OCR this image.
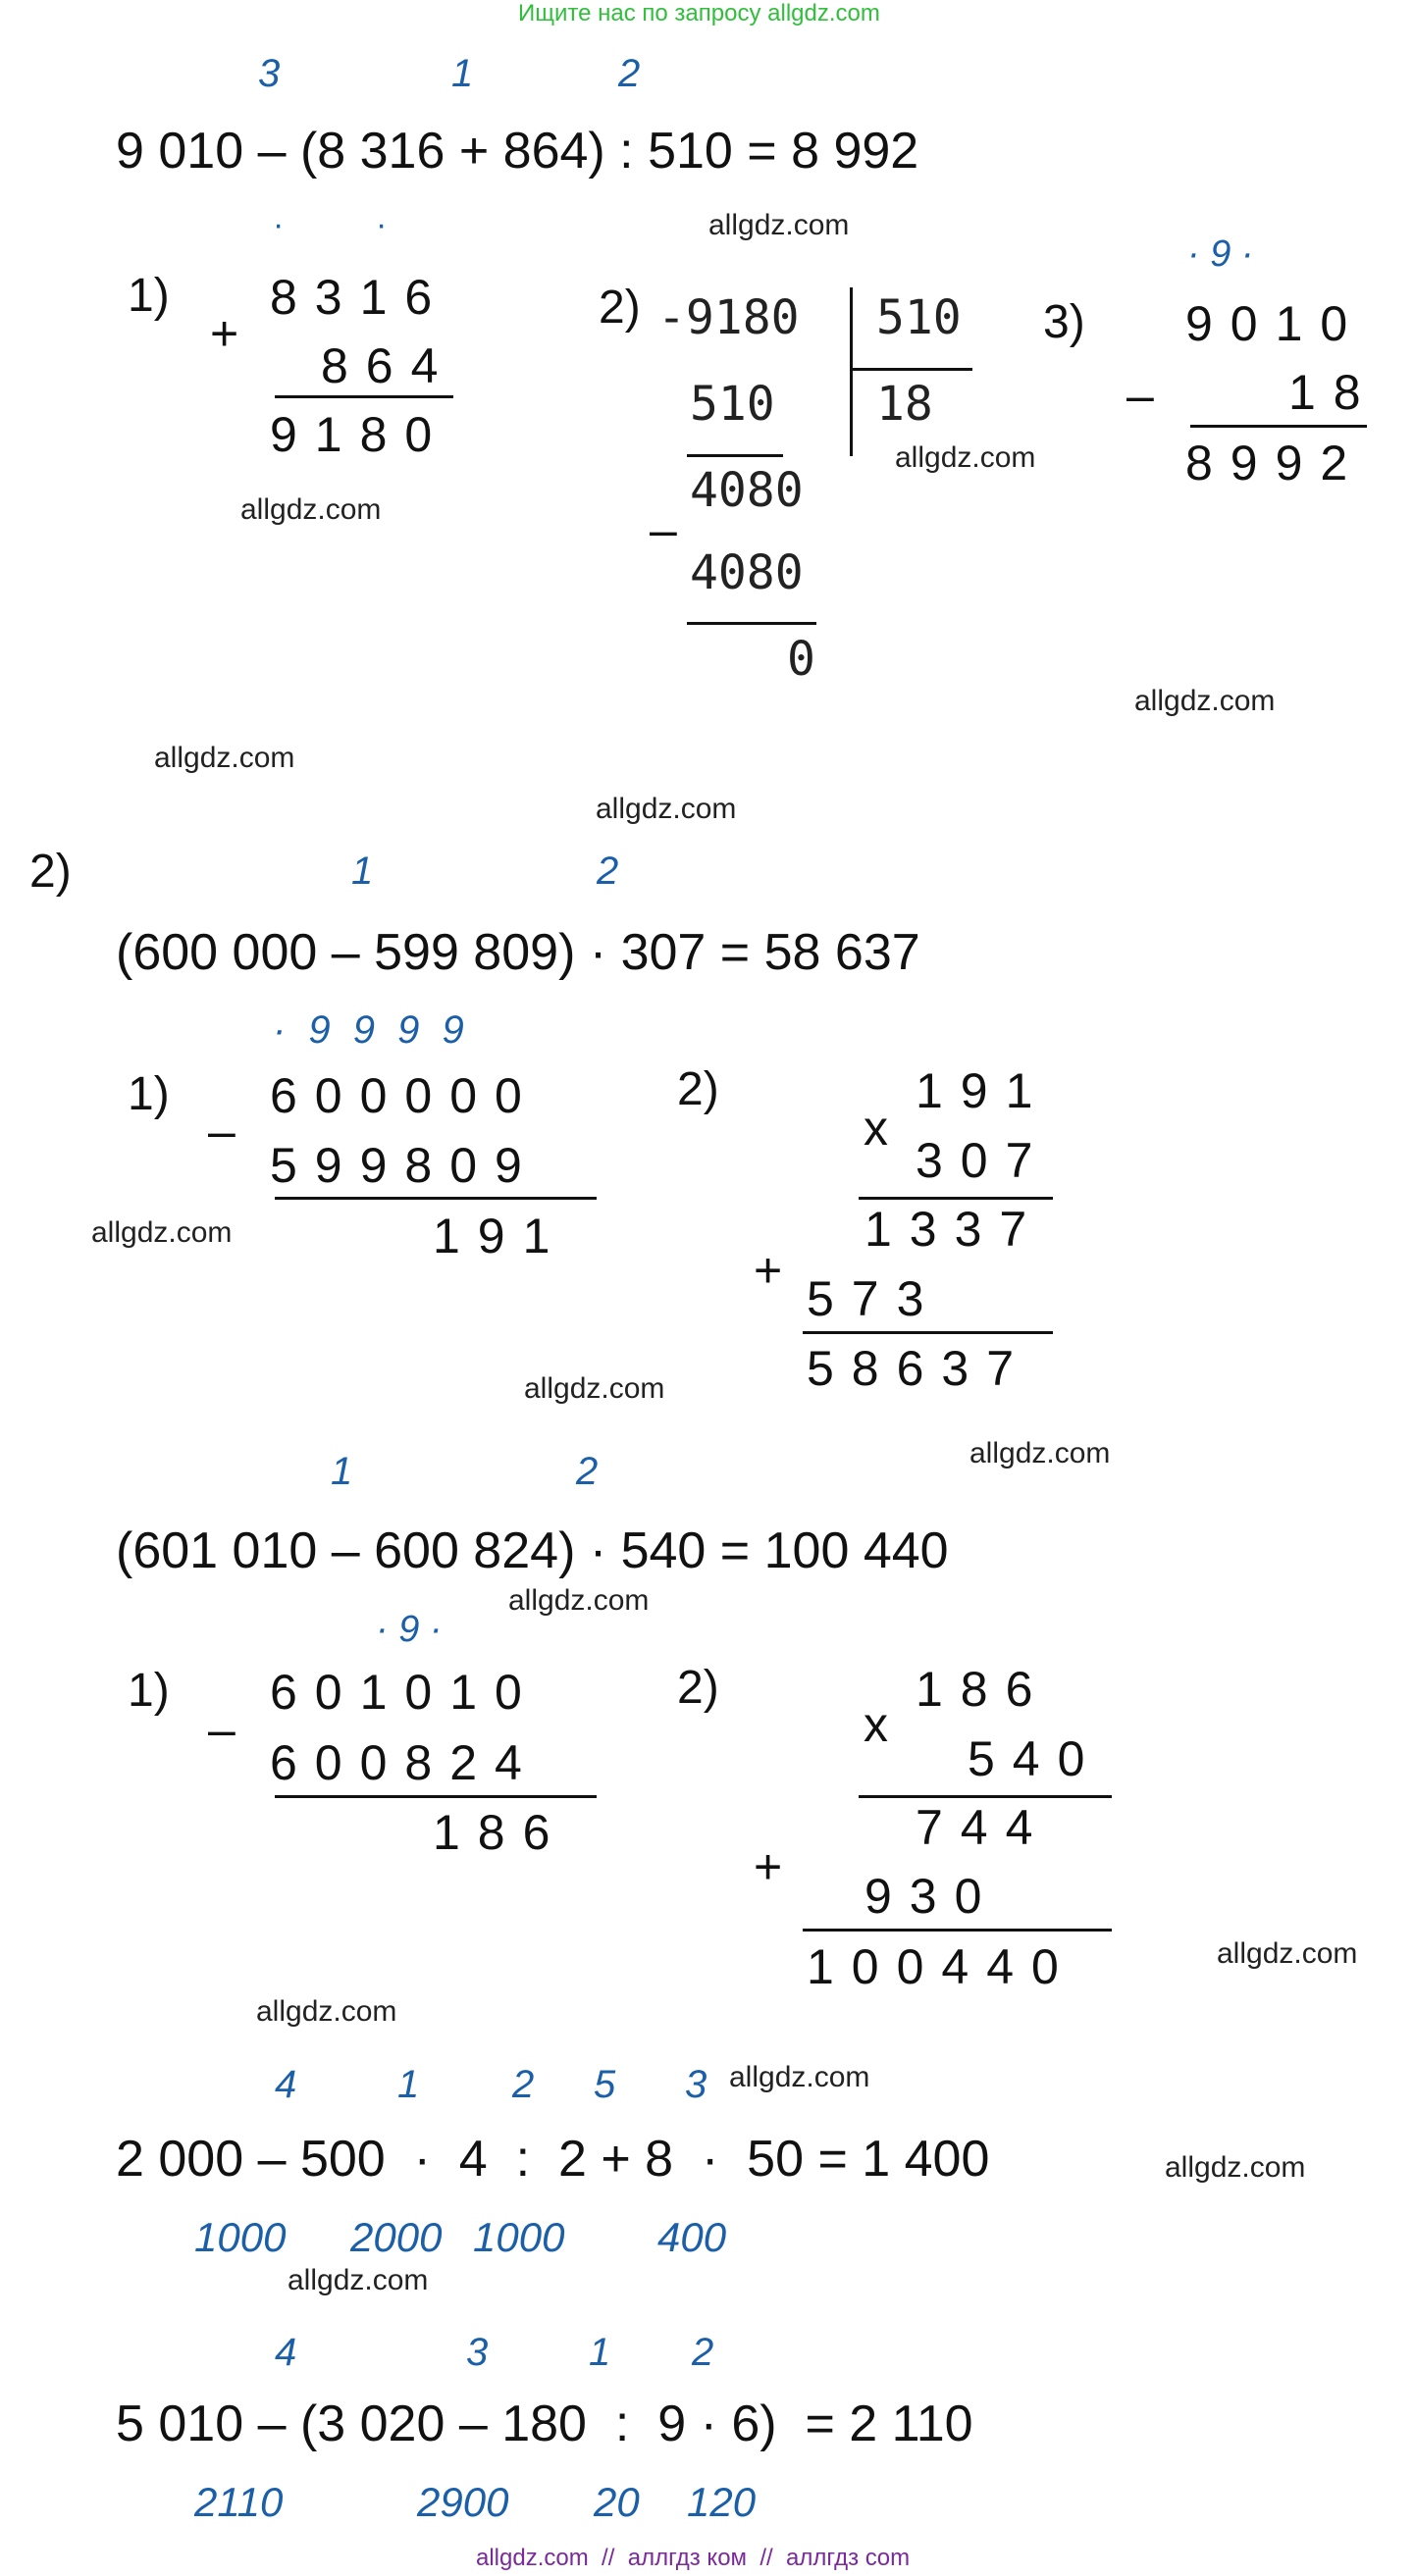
Ищите нас по запросу allgdz.com
allgdz.com  //  аллгдз ком  //  аллгдз com
allgdz.com
allgdz.com
allgdz.com
allgdz.com
allgdz.com
allgdz.com
allgdz.com
allgdz.com
allgdz.com
allgdz.com
allgdz.com
allgdz.com
allgdz.com
allgdz.com
allgdz.com
3	1	2
9 010 – (8 316 + 864) : 510 = 8 992
·	·
1)
+
8316
864
9180
2) -9180 510
18
510
–
4080
4080
0
3)
· 9 ·
–
9010
18
8992
2)	1	2
(600 000 – 599 809) · 307 = 58 637
· 9 9 9 9
1)
–
600000
599809
191
2)
x
191
307
1337
+
573
58637
1	2
(601 010 – 600 824) · 540 = 100 440
· 9 ·
1)
–
601010
600824
186
2)
x
186
540
744
+
930
100440
4	1 2 5 3
2 000 – 500  ·  4  :  2 + 8  ·  50 = 1 400
1000 2000 1000 400
4	3	1 2
5 010 – (3 020 – 180  :  9 · 6)  = 2 110
2110	2900 20 120
